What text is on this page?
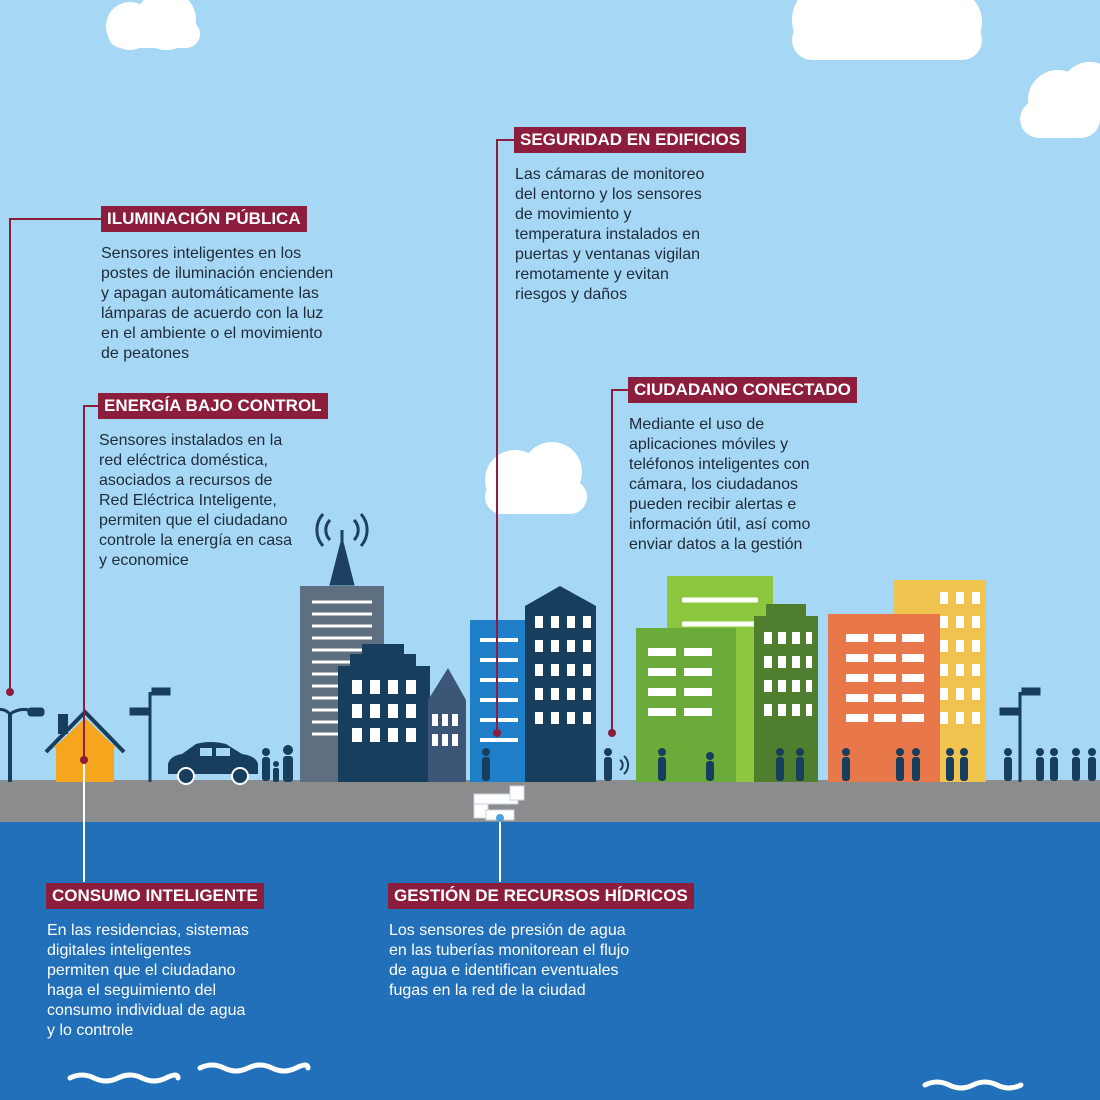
ILUMINACIÓN PÚBLICA
Sensores inteligentes en los
postes de iluminación encienden
y apagan automáticamente las
lámparas de acuerdo con la luz
en el ambiente o el movimiento
de peatones
ENERGÍA BAJO CONTROL
Sensores instalados en la
red eléctrica doméstica,
asociados a recursos de
Red Eléctrica Inteligente,
permiten que el ciudadano
controle la energía en casa
y economice
SEGURIDAD EN EDIFICIOS
Las cámaras de monitoreo
del entorno y los sensores
de movimiento y
temperatura instalados en
puertas y ventanas vigilan
remotamente y evitan
riesgos y daños
CIUDADANO CONECTADO
Mediante el uso de
aplicaciones móviles y
teléfonos inteligentes con
cámara, los ciudadanos
pueden recibir alertas e
información útil, así como
enviar datos a la gestión
CONSUMO INTELIGENTE
En las residencias, sistemas
digitales inteligentes
permiten que el ciudadano
haga el seguimiento del
consumo individual de agua
y lo controle
GESTIÓN DE RECURSOS HÍDRICOS
Los sensores de presión de agua
en las tuberías monitorean el flujo
de agua e identifican eventuales
fugas en la red de la ciudad
